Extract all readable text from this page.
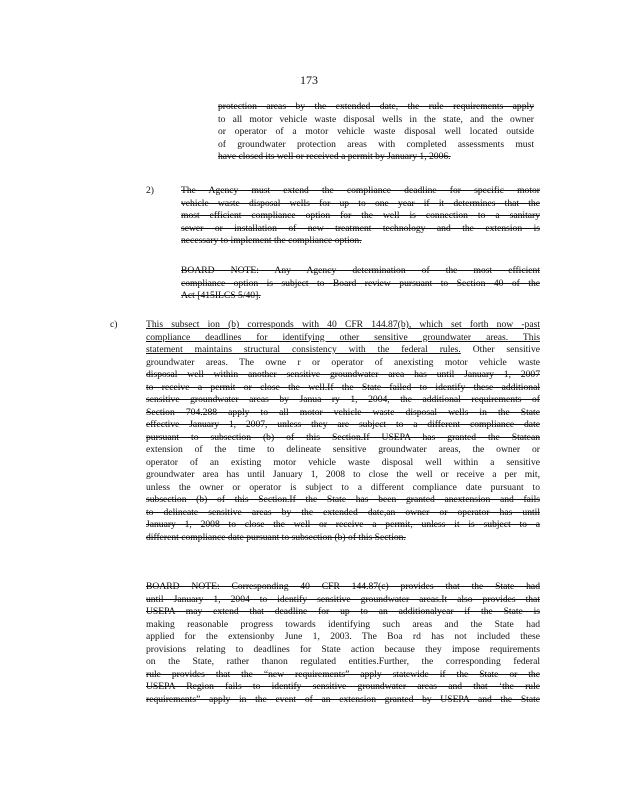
173
protection areas by the extended date, the rule requirements apply
to all motor vehicle waste disposal wells in the state, and the owner
or operator of a motor vehicle waste disposal well located outside
of groundwater protection areas with completed assessments must
have closed its well or received a permit by January 1, 2006.
2)	The Agency must extend the compliance deadline for specific motor
vehicle waste disposal wells for up to one year if it determines that the
most efficient compliance option for the well is connection to a sanitary
sewer or installation of new treatment technology and the extension is
necessary to implement the compliance option.
BOARD NOTE: Any Agency determination of the most efficient
compliance option is subject to Board review pursuant to Section 40 of the
Act [415ILCS 5/40].
c)	This subsect ion (b) corresponds with 40 CFR 144.87(b), which set forth now -past
compliance deadlines for identifying other sensitive groundwater areas. This
statement maintains structural consistency with the federal rules. Other sensitive
groundwater areas. The owne r or operator of anexisting motor vehicle waste
disposal well within another sensitive groundwater area has until January 1, 2007
to receive a permit or close the well.If the State failed to identify these additional
sensitive groundwater areas by Janua ry 1, 2004, the additional requirements of
Section 704.288 apply to all motor vehicle waste disposal wells in the State
effective January 1, 2007, unless they are subject to a different compliance date
pursuant to subsection (b) of this Section.If USEPA has granted the Statean
extension of the time to delineate sensitive groundwater areas, the owner or
operator of an existing motor vehicle waste disposal well within a sensitive
groundwater area has until January 1, 2008 to close the well or receive a per mit,
unless the owner or operator is subject to a different compliance date pursuant to
subsection (b) of this Section.If the State has been granted anextension and fails
to delineate sensitive areas by the extended date,an owner or operator has until
January 1, 2008 to close the well or receive a permit, unless it is subject to a
different compliance date pursuant to subsection (b) of this Section.
BOARD NOTE: Corresponding 40 CFR 144.87(c) provides that the State had
until January 1, 2004 to identify sensitive groundwater areas.It also provides that
USEPA may extend that deadline for up to an additionalyear if the State is
making reasonable progress towards identifying such areas and the State had
applied for the extensionby June 1, 2003. The Boa rd has not included these
provisions relating to deadlines for State action because they impose requirements
on the State, rather thanon regulated entities.Further, the corresponding federal
rule provides that the “new requirements” apply statewide if the State or the
USEPA Region fails to identify sensitive groundwater areas and that ‘the rule
requirements” apply in the event of an extension granted by USEPA and the State
